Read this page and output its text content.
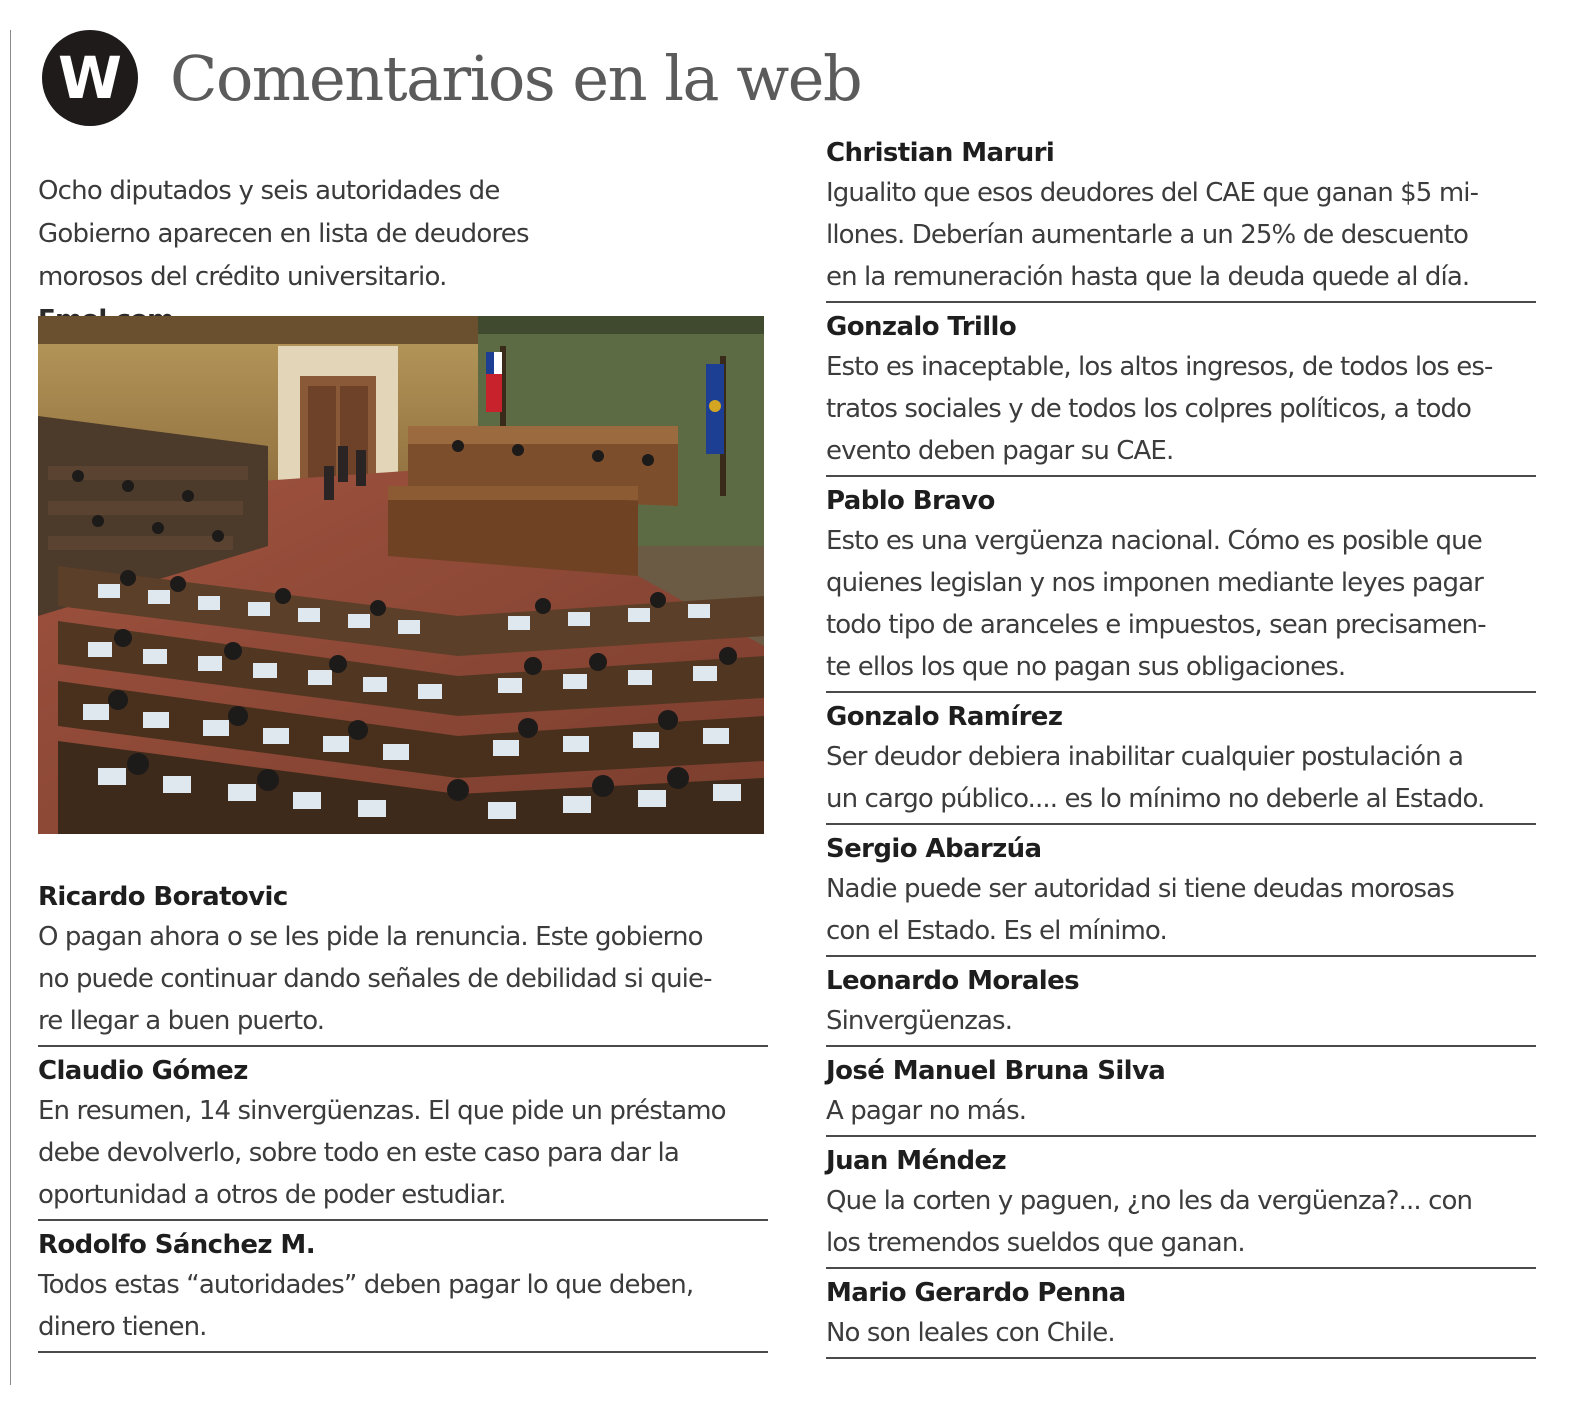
W Comentarios en la web
Ocho diputados y seis autoridades de Gobierno aparecen en lista de deudores morosos del crédito universitario.
Ricardo Boratovic
O pagan ahora o se les pide la renuncia. Este gobierno
no puede continuar dando señales de debilidad si quie-
re llegar a buen puerto.
Claudio Gómez
En resumen, 14 sinvergüenzas. El que pide un préstamo
debe devolverlo, sobre todo en este caso para dar la
oportunidad a otros de poder estudiar.
Rodolfo Sánchez M.
Todos estas “autoridades” deben pagar lo que deben,
dinero tienen.
Christian Maruri
Igualito que esos deudores del CAE que ganan $5 mi-
llones. Deberían aumentarle a un 25% de descuento
en la remuneración hasta que la deuda quede al día.
Gonzalo Trillo
Esto es inaceptable, los altos ingresos, de todos los es-
tratos sociales y de todos los colpres políticos, a todo
evento deben pagar su CAE.
Pablo Bravo
Esto es una vergüenza nacional. Cómo es posible que
quienes legislan y nos imponen mediante leyes pagar
todo tipo de aranceles e impuestos, sean precisamen-
te ellos los que no pagan sus obligaciones.
Gonzalo Ramírez
Ser deudor debiera inabilitar cualquier postulación a
un cargo público.... es lo mínimo no deberle al Estado.
Sergio Abarzúa
Nadie puede ser autoridad si tiene deudas morosas
con el Estado. Es el mínimo.
Leonardo Morales
Sinvergüenzas.
José Manuel Bruna Silva
A pagar no más.
Juan Méndez
Que la corten y paguen, ¿no les da vergüenza?... con
los tremendos sueldos que ganan.
Mario Gerardo Penna
No son leales con Chile.
